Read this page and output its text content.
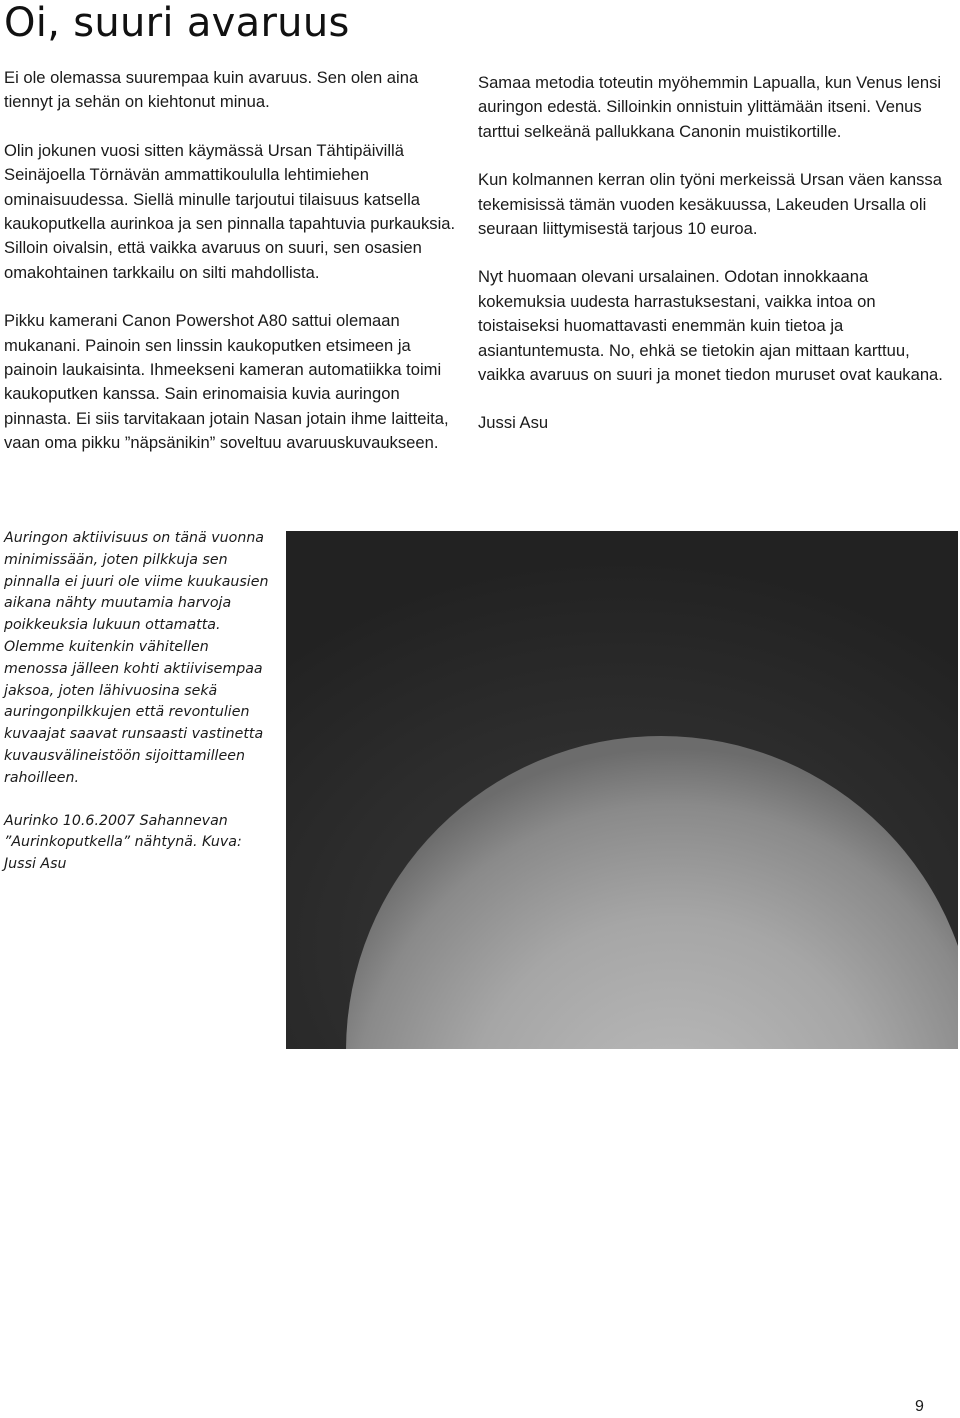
Oi, suuri avaruus

Ei ole olemassa suurempaa kuin avaruus. Sen olen aina tiennyt ja sehän on kiehtonut minua.

Olin jokunen vuosi sitten käymässä Ursan Tähtipäivillä Seinäjoella Törnävän ammattikoululla lehtimiehen ominaisuudessa. Siellä minulle tarjoutui tilaisuus katsella kaukoputkella aurinkoa ja sen pinnalla tapahtuvia purkauksia. Silloin oivalsin, että vaikka avaruus on suuri, sen osasien omakohtainen tarkkailu on silti mahdollista.

Pikku kamerani Canon Powershot A80 sattui olemaan mukanani. Painoin sen linssin kaukoputken etsimeen ja painoin laukaisinta. Ihmeekseni kameran automatiikka toimi kaukoputken kanssa. Sain erinomaisia kuvia auringon pinnasta. Ei siis tarvitakaan jotain Nasan jotain ihme laitteita, vaan oma pikku ”näpsänikin” soveltuu avaruuskuvaukseen.

Samaa metodia toteutin myöhemmin Lapualla, kun Venus lensi auringon edestä. Silloinkin onnistuin ylittämään itseni. Venus tarttui selkeänä pallukkana Canonin muistikortille.

Kun kolmannen kerran olin työni merkeissä Ursan väen kanssa tekemisissä tämän vuoden kesäkuussa, Lakeuden Ursalla oli seuraan liittymisestä tarjous 10 euroa.

Nyt huomaan olevani ursalainen. Odotan innokkaana kokemuksia uudesta harrastuksestani, vaikka intoa on toistaiseksi huomattavasti enemmän kuin tietoa ja asiantuntemusta. No, ehkä se tietokin ajan mittaan karttuu, vaikka avaruus on suuri ja monet tiedon muruset ovat kaukana.

Jussi Asu

Auringon aktiivisuus on tänä vuonna minimissään, joten pilkkuja sen pinnalla ei juuri ole viime kuukausien aikana nähty muutamia harvoja poikkeuksia lukuun ottamatta. Olemme kuitenkin vähitellen menossa jälleen kohti aktiivisempaa jaksoa, joten lähivuosina sekä auringonpilkkujen että revontulien kuvaajat saavat runsaasti vastinetta kuvausvälineistöön sijoittamilleen rahoilleen.

Aurinko 10.6.2007 Sahannevan ”Aurinkoputkella” nähtynä. Kuva: Jussi Asu

9
